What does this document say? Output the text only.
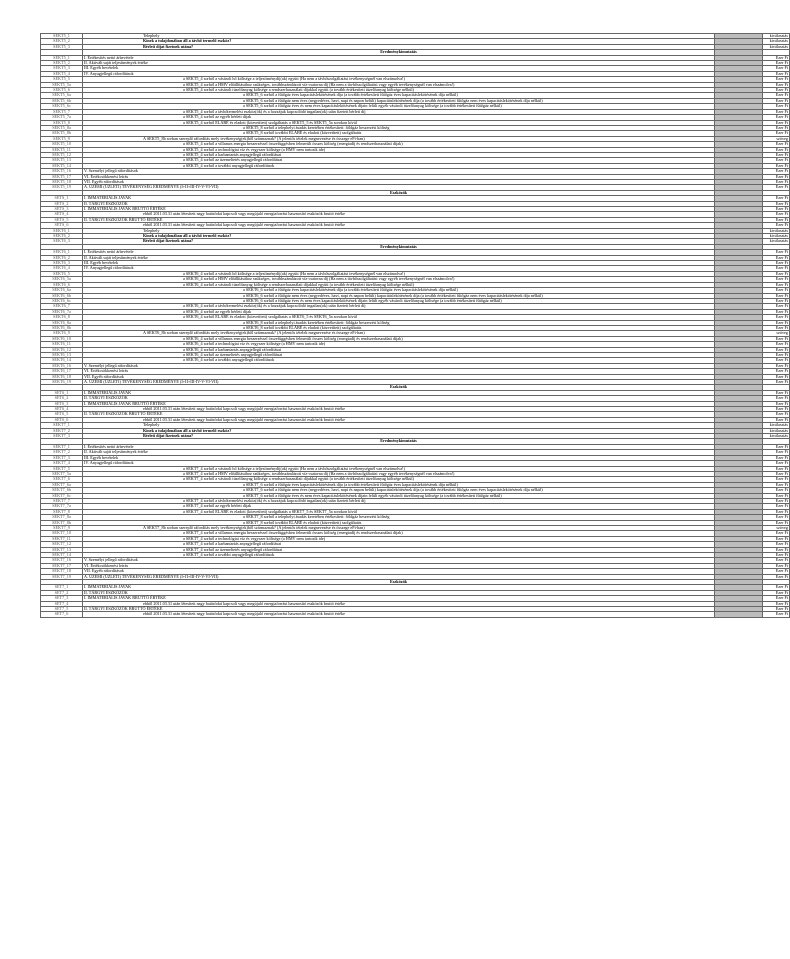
SEKT5_1	Telephely		kiválasztás
SEKT5_2	Kinek a tulajdonában áll a távhő termelő eszköz?		kiválasztás
SEKT5_3	Bérleti díjat fizetnek utána?		kiválasztás
	Eredménykimutatás		
SEKT5_1	I. Értékesítés nettó árbevétele		Ezer Ft
SEKT5_2	II. Aktivált saját teljesítmények értéke		Ezer Ft
SEKT5_3	III. Egyéb bevételek		Ezer Ft
SEKT5_4	IV. Anyagjellegű ráfordítások		Ezer Ft
SEKT5_5	a SEKT5_4 sorból a vásárolt hő költsége a teljesítménydíj(ak) együtt (Ha nem a távhőszolgáltatási tevékenységnél van elszámolva!)		Ezer Ft
SEKT5_5a	a SEKT5_4 sorból a HMV előállításához szükséges, továbbszámlázott víz-csatorna díj (Ha nem a távhőszolgáltatási vagy egyéb tevékenységnél van elszámolva!)		Ezer Ft
SEKT5_6	a SEKT5_4 sorból a vásárolt tüzelőanyag költsége a rendszerhasználati díjakkal együtt (a tovább értékesített tüzelőanyag költsége nélkül)		Ezer Ft
SEKT5_6a	a SEKT5_6 sorból a fűtőgáz éves kapacitáslekötésének díja (a tovább értékesített fűtőgáz éves kapacitáslekötésének díja nélkül)		Ezer Ft
SEKT5_6b	a SEKT5_6 sorból a fűtőgáz nem éves (negyedéves, havi, napi és napon belüli) kapacitáslekötésének díja (a tovább értékesített fűtőgáz nem éves kapacitáslekötésének díja nélkül)		Ezer Ft
SEKT5_6c	a SEKT5_6 sorból a fűtőgáz éves és nem éves kapacitáslekötésének díjain felüli egyéb vásárolt tüzelőanyag költsége (a tovább értékesített fűtőgáz nélkül)		Ezer Ft
SEKT5_7	a SEKT5_4 sorból a távhőtermelési eszköz(ök) és a hozzájuk kapcsolódó ingatlan(ok) után fizetett bérleti díj		Ezer Ft
SEKT5_7a	a SEKT5_4 sorból az egyéb bérleti díjak		Ezer Ft
SEKT5_8	a SEKT5_4 sorból ELÁBÉ és eladott (közvetített) szolgáltatás a SEKT5_5 és SEKT5_5a sorokon kívül		Ezer Ft
SEKT5_8a	a SEKT5_8 sorból a telephelyi ásadás keretében értékesített: földgáz beszerzési költség		Ezer Ft
SEKT5_8b	a SEKT5_8 sorból további ELÁBÉ és eladott (közvetített) szolgáltatás		Ezer Ft
SEKT5_9	A SEKT5_8b sorban szereplő ráfordítás mely tevékenység(ek)ből származnak? (A jelentős tételek megnevezése és összege eFt-ban)		szöveg
SEKT5_10	a SEKT5_4 sorból a villamos energia beszerzéssel összefüggésben felmerült összes költség (energiadíj és rendszerhasználati díjak)		Ezer Ft
SEKT5_11	a SEKT5_4 sorból a technológiai víz és vegyszer költsége (a HMV nem tartozik ide)		Ezer Ft
SEKT5_12	a SEKT5_4 sorból a karbantartás anyagjellegű ráfordításai		Ezer Ft
SEKT5_13	a SEKT5_4 sorból az üzemeltetés anyagjellegű ráfordításai		Ezer Ft
SEKT5_14	a SEKT5_4 sorból a további anyagjellegű ráfordítások		Ezer Ft
SEKT5_16	V. Személyi jellegű ráfordítások		Ezer Ft
SEKT5_17	VI. Értékcsökkenési leírás		Ezer Ft
SEKT5_18	VII. Egyéb ráfordítások		Ezer Ft
SEKT5_19	A. ÜZEMI (ÜZLETI) TEVÉKENYSÉG EREDMÉNYE (I+II+III-IV-V-VI-VII)		Ezer Ft
	Eszközök		
SETS_1	I. IMMATERIÁLIS JAVAK		Ezer Ft
SETS_2	II. TÁRGYI ESZKÖZÖK		Ezer Ft
SETS_3	I. IMMATERIÁLIS JAVAK BRUTTÓ ÉRTÉKE		Ezer Ft
SETS_4	ebből 2011.03.31 után létesített nagy hatásfokú kapcsolt vagy megújuló energiaforrást hasznosító eszközök bruttó értéke		Ezer Ft
SETS_5	II. TÁRGYI ESZKÖZÖK BRUTTÓ ÉRTÉKE		Ezer Ft
SETS_6	ebből 2011.03.31 után létesített nagy hatásfokú kapcsolt vagy megújuló energiaforrást hasznosító eszközök bruttó értéke		Ezer Ft
SEKT6_1	Telephely		kiválasztás
SEKT6_2	Kinek a tulajdonában áll a távhő termelő eszköz?		kiválasztás
SEKT6_3	Bérleti díjat fizetnek utána?		kiválasztás
	Eredménykimutatás		
SEKT6_1	I. Értékesítés nettó árbevétele		Ezer Ft
SEKT6_2	II. Aktivált saját teljesítmények értéke		Ezer Ft
SEKT6_3	III. Egyéb bevételek		Ezer Ft
SEKT6_4	IV. Anyagjellegű ráfordítások		Ezer Ft
SEKT6_5	a SEKT6_4 sorból a vásárolt hő költsége a teljesítménydíj(ak) együtt (Ha nem a távhőszolgáltatási tevékenységnél van elszámolva!)		Ezer Ft
SEKT6_5a	a SEKT6_4 sorból a HMV előállításához szükséges, továbbszámlázott víz-csatorna díj (Ha nem a távhőszolgáltatási vagy egyéb tevékenységnél van elszámolva!)		Ezer Ft
SEKT6_6	a SEKT6_4 sorból a vásárolt tüzelőanyag költsége a rendszerhasználati díjakkal együtt (a tovább értékesített tüzelőanyag költsége nélkül)		Ezer Ft
SEKT6_6a	a SEKT6_6 sorból a fűtőgáz éves kapacitáslekötésének díja (a tovább értékesített fűtőgáz éves kapacitáslekötésének díja nélkül)		Ezer Ft
SEKT6_6b	a SEKT6_6 sorból a fűtőgáz nem éves (negyedéves, havi, napi és napon belüli) kapacitáslekötésének díja (a tovább értékesített fűtőgáz nem éves kapacitáslekötésének díja nélkül)		Ezer Ft
SEKT6_6c	a SEKT6_6 sorból a fűtőgáz éves és nem éves kapacitáslekötésének díjain felüli egyéb vásárolt tüzelőanyag költsége (a tovább értékesített fűtőgáz nélkül)		Ezer Ft
SEKT6_7	a SEKT6_4 sorból a távhőtermelési eszköz(ök) és a hozzájuk kapcsolódó ingatlan(ok) után fizetett bérleti díj		Ezer Ft
SEKT6_7a	a SEKT6_4 sorból az egyéb bérleti díjak		Ezer Ft
SEKT6_8	a SEKT6_4 sorból ELÁBÉ és eladott (közvetített) szolgáltatás a SEKT6_5 és SEKT6_5a sorokon kívül		Ezer Ft
SEKT6_8a	a SEKT6_8 sorból a telephelyi ásadás keretében értékesített: földgáz beszerzési költség		Ezer Ft
SEKT6_8b	a SEKT6_8 sorból további ELÁBÉ és eladott (közvetített) szolgáltatás		Ezer Ft
SEKT6_9	A SEKT6_8b sorban szereplő ráfordítás mely tevékenység(ek)ből származnak? (A jelentős tételek megnevezése és összege eFt-ban)		szöveg
SEKT6_10	a SEKT6_4 sorból a villamos energia beszerzéssel összefüggésben felmerült összes költség (energiadíj és rendszerhasználati díjak)		Ezer Ft
SEKT6_11	a SEKT6_4 sorból a technológiai víz és vegyszer költsége (a HMV nem tartozik ide)		Ezer Ft
SEKT6_12	a SEKT6_4 sorból a karbantartás anyagjellegű ráfordításai		Ezer Ft
SEKT6_13	a SEKT6_4 sorból az üzemeltetés anyagjellegű ráfordításai		Ezer Ft
SEKT6_14	a SEKT6_4 sorból a további anyagjellegű ráfordítások		Ezer Ft
SEKT6_16	V. Személyi jellegű ráfordítások		Ezer Ft
SEKT6_17	VI. Értékcsökkenési leírás		Ezer Ft
SEKT6_18	VII. Egyéb ráfordítások		Ezer Ft
SEKT6_19	A. ÜZEMI (ÜZLETI) TEVÉKENYSÉG EREDMÉNYE (I+II+III-IV-V-VI-VII)		Ezer Ft
	Eszközök		
SET6_1	I. IMMATERIÁLIS JAVAK		Ezer Ft
SET6_2	II. TÁRGYI ESZKÖZÖK		Ezer Ft
SET6_3	I. IMMATERIÁLIS JAVAK BRUTTÓ ÉRTÉKE		Ezer Ft
SET6_4	ebből 2011.03.31 után létesített nagy hatásfokú kapcsolt vagy megújuló energiaforrást hasznosító eszközök bruttó értéke		Ezer Ft
SET6_5	II. TÁRGYI ESZKÖZÖK BRUTTÓ ÉRTÉKE		Ezer Ft
SET6_6	ebből 2011.03.31 után létesített nagy hatásfokú kapcsolt vagy megújuló energiaforrást hasznosító eszközök bruttó értéke		Ezer Ft
SEKT7_1	Telephely		kiválasztás
SEKT7_2	Kinek a tulajdonában áll a távhő termelő eszköz?		kiválasztás
SEKT7_3	Bérleti díjat fizetnek utána?		kiválasztás
	Eredménykimutatás		
SEKT7_1	I. Értékesítés nettó árbevétele		Ezer Ft
SEKT7_2	II. Aktivált saját teljesítmények értéke		Ezer Ft
SEKT7_3	III. Egyéb bevételek		Ezer Ft
SEKT7_4	IV. Anyagjellegű ráfordítások		Ezer Ft
SEKT7_5	a SEKT7_4 sorból a vásárolt hő költsége a teljesítménydíj(ak) együtt (Ha nem a távhőszolgáltatási tevékenységnél van elszámolva!)		Ezer Ft
SEKT7_5a	a SEKT7_4 sorból a HMV előállításához szükséges, továbbszámlázott víz-csatorna díj (Ha nem a távhőszolgáltatási vagy egyéb tevékenységnél van elszámolva!)		Ezer Ft
SEKT7_6	a SEKT7_4 sorból a vásárolt tüzelőanyag költsége a rendszerhasználati díjakkal együtt (a tovább értékesített tüzelőanyag költsége nélkül)		Ezer Ft
SEKT7_6a	a SEKT7_6 sorból a fűtőgáz éves kapacitáslekötésének díja (a tovább értékesített fűtőgáz éves kapacitáslekötésének díja nélkül)		Ezer Ft
SEKT7_6b	a SEKT7_6 sorból a fűtőgáz nem éves (negyedéves, havi, napi és napon belüli) kapacitáslekötésének díja (a tovább értékesített fűtőgáz nem éves kapacitáslekötésének díja nélkül)		Ezer Ft
SEKT7_6c	a SEKT7_6 sorból a fűtőgáz éves és nem éves kapacitáslekötésének díjain felüli egyéb vásárolt tüzelőanyag költsége (a tovább értékesített fűtőgáz nélkül)		Ezer Ft
SEKT7_7	a SEKT7_4 sorból a távhőtermelési eszköz(ök) és a hozzájuk kapcsolódó ingatlan(ok) után fizetett bérleti díj		Ezer Ft
SEKT7_7a	a SEKT7_4 sorból az egyéb bérleti díjak		Ezer Ft
SEKT7_8	a SEKT7_4 sorból ELÁBÉ és eladott (közvetített) szolgáltatás a SEKT7_5 és SEKT7_5a sorokon kívül		Ezer Ft
SEKT7_8a	a SEKT7_8 sorból a telephelyi ásadás keretében értékesített: földgáz beszerzési költség		Ezer Ft
SEKT7_8b	a SEKT7_8 sorból további ELÁBÉ és eladott (közvetített) szolgáltatás		Ezer Ft
SEKT7_9	A SEKT7_8b sorban szereplő ráfordítás mely tevékenység(ek)ből származnak? (A jelentős tételek megnevezése és összege eFt-ban)		szöveg
SEKT7_10	a SEKT7_4 sorból a villamos energia beszerzéssel összefüggésben felmerült összes költség (energiadíj és rendszerhasználati díjak)		Ezer Ft
SEKT7_11	a SEKT7_4 sorból a technológiai víz és vegyszer költsége (a HMV nem tartozik ide)		Ezer Ft
SEKT7_12	a SEKT7_4 sorból a karbantartás anyagjellegű ráfordításai		Ezer Ft
SEKT7_13	a SEKT7_4 sorból az üzemeltetés anyagjellegű ráfordításai		Ezer Ft
SEKT7_14	a SEKT7_4 sorból a további anyagjellegű ráfordítások		Ezer Ft
SEKT7_16	V. Személyi jellegű ráfordítások		Ezer Ft
SEKT7_17	VI. Értékcsökkenési leírás		Ezer Ft
SEKT7_18	VII. Egyéb ráfordítások		Ezer Ft
SEKT7_19	A. ÜZEMI (ÜZLETI) TEVÉKENYSÉG EREDMÉNYE (I+II+III-IV-V-VI-VII)		Ezer Ft
	Eszközök		
SET7_1	I. IMMATERIÁLIS JAVAK		Ezer Ft
SET7_2	II. TÁRGYI ESZKÖZÖK		Ezer Ft
SET7_3	I. IMMATERIÁLIS JAVAK BRUTTÓ ÉRTÉKE		Ezer Ft
SET7_4	ebből 2011.03.31 után létesített nagy hatásfokú kapcsolt vagy megújuló energiaforrást hasznosító eszközök bruttó értéke		Ezer Ft
SET7_5	II. TÁRGYI ESZKÖZÖK BRUTTÓ ÉRTÉKE		Ezer Ft
SET7_6	ebből 2011.03.31 után létesített nagy hatásfokú kapcsolt vagy megújuló energiaforrást hasznosító eszközök bruttó értéke		Ezer Ft
